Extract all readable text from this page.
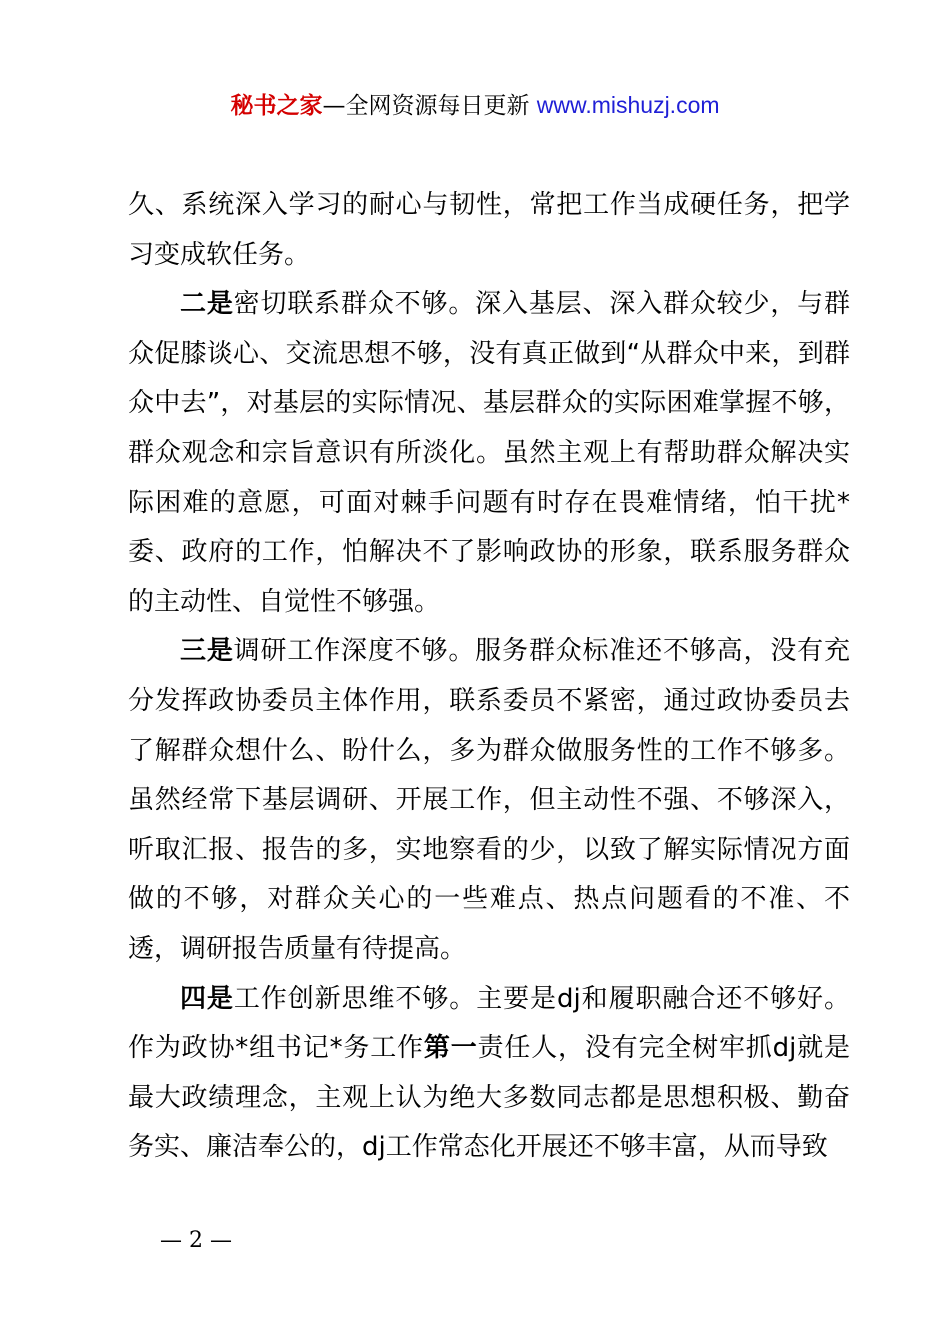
秘书之家—全网资源每日更新 www.mishuzj.com

久、系统深入学习的耐心与韧性，常把工作当成硬任务，把学习变成软任务。

二是密切联系群众不够。深入基层、深入群众较少，与群众促膝谈心、交流思想不够，没有真正做到“从群众中来，到群众中去”，对基层的实际情况、基层群众的实际困难掌握不够，群众观念和宗旨意识有所淡化。虽然主观上有帮助群众解决实际困难的意愿，可面对棘手问题有时存在畏难情绪，怕干扰*委、政府的工作，怕解决不了影响政协的形象，联系服务群众的主动性、自觉性不够强。

三是调研工作深度不够。服务群众标准还不够高，没有充分发挥政协委员主体作用，联系委员不紧密，通过政协委员去了解群众想什么、盼什么，多为群众做服务性的工作不够多。虽然经常下基层调研、开展工作，但主动性不强、不够深入，听取汇报、报告的多，实地察看的少，以致了解实际情况方面做的不够，对群众关心的一些难点、热点问题看的不准、不透，调研报告质量有待提高。

四是工作创新思维不够。主要是dj和履职融合还不够好。作为政协*组书记*务工作第一责任人，没有完全树牢抓dj就是最大政绩理念，主观上认为绝大多数同志都是思想积极、勤奋务实、廉洁奉公的，dj工作常态化开展还不够丰富，从而导致

— 2 —
